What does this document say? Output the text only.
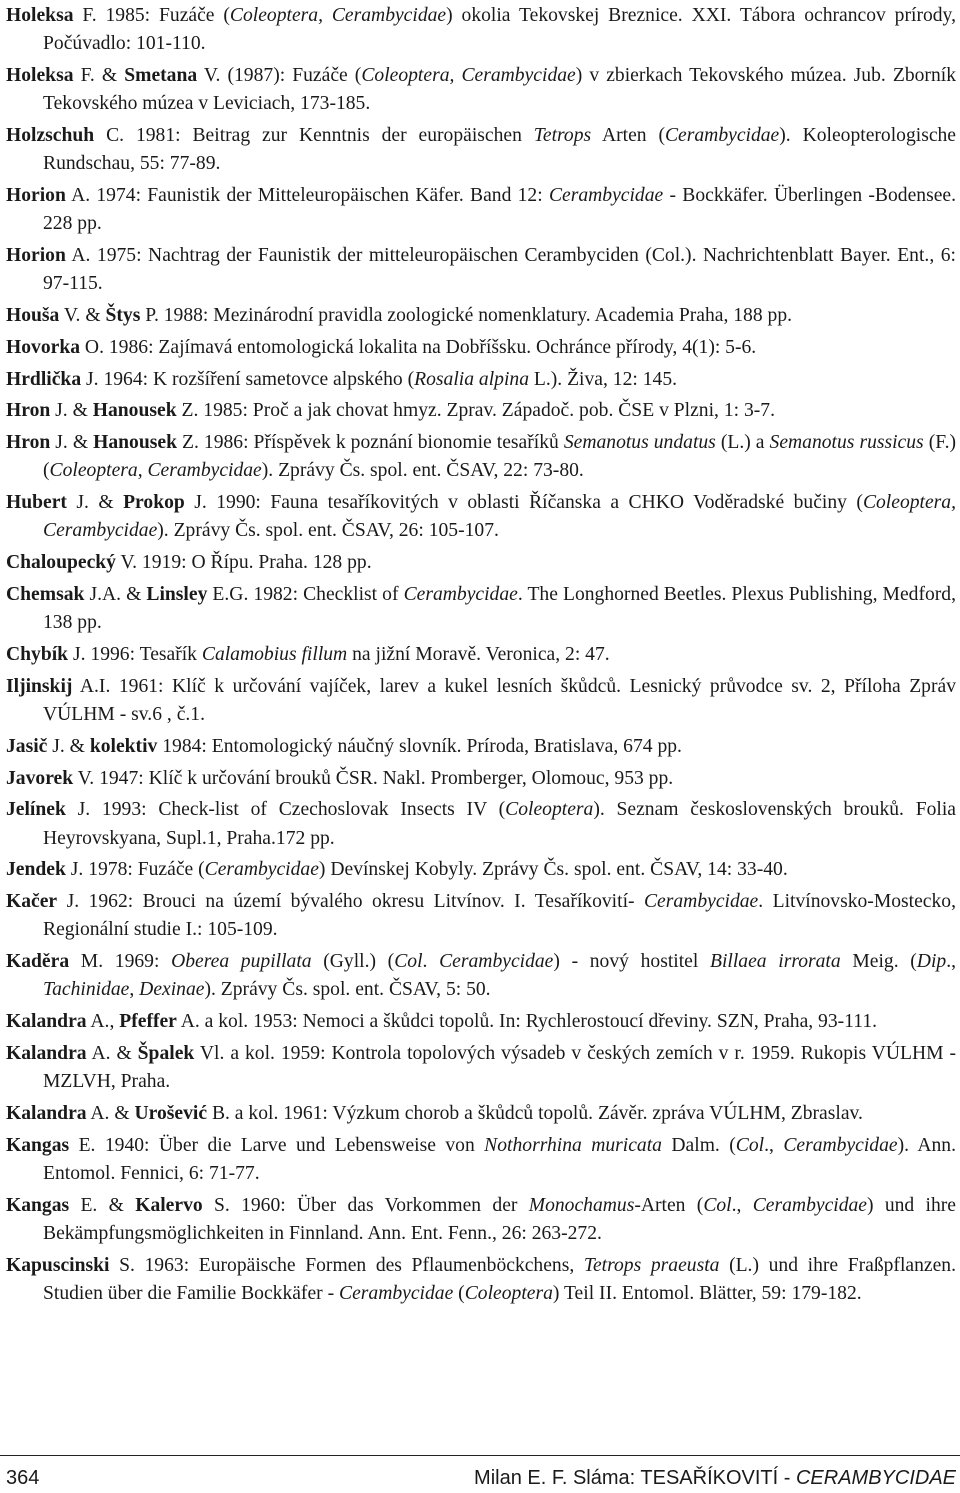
Holeksa F. 1985: Fuzáče (Coleoptera, Cerambycidae) okolia Tekovskej Breznice. XXI. Tábora ochrancov prírody, Počúvadlo: 101-110.

Holeksa F. & Smetana V. (1987): Fuzáče (Coleoptera, Cerambycidae) v zbierkach Tekovského múzea. Jub. Zborník Tekovského múzea v Leviciach, 173-185.

Holzschuh C. 1981: Beitrag zur Kenntnis der europäischen Tetrops Arten (Cerambycidae). Koleopterologische Rundschau, 55: 77-89.

Horion A. 1974: Faunistik der Mitteleuropäischen Käfer. Band 12: Cerambycidae - Bockkäfer. Überlingen -Bodensee. 228 pp.

Horion A. 1975: Nachtrag der Faunistik der mitteleuropäischen Cerambyciden (Col.). Nachrichtenblatt Bayer. Ent., 6: 97-115.

Houša V. & Štys P. 1988: Mezinárodní pravidla zoologické nomenklatury. Academia Praha, 188 pp.

Hovorka O. 1986: Zajímavá entomologická lokalita na Dobříšsku. Ochránce přírody, 4(1): 5-6.

Hrdlička J. 1964: K rozšíření sametovce alpského (Rosalia alpina L.). Živa, 12: 145.

Hron J. & Hanousek Z. 1985: Proč a jak chovat hmyz. Zprav. Západoč. pob. ČSE v Plzni, 1: 3-7.

Hron J. & Hanousek Z. 1986: Příspěvek k poznání bionomie tesaříků Semanotus undatus (L.) a Semanotus russicus (F.) (Coleoptera, Cerambycidae). Zprávy Čs. spol. ent. ČSAV, 22: 73-80.

Hubert J. & Prokop J. 1990: Fauna tesaříkovitých v oblasti Říčanska a CHKO Voděradské bučiny (Coleoptera, Cerambycidae). Zprávy Čs. spol. ent. ČSAV, 26: 105-107.

Chaloupecký V. 1919: O Řípu. Praha. 128 pp.

Chemsak J.A. & Linsley E.G. 1982: Checklist of Cerambycidae. The Longhorned Beetles. Plexus Publishing, Medford, 138 pp.

Chybík J. 1996: Tesařík Calamobius fillum na jižní Moravě. Veronica, 2: 47.

Iljinskij A.I. 1961: Klíč k určování vajíček, larev a kukel lesních škůdců. Lesnický průvodce sv. 2, Příloha Zpráv VÚLHM - sv.6 , č.1.

Jasič J. & kolektiv 1984: Entomologický náučný slovník. Príroda, Bratislava, 674 pp.

Javorek V. 1947: Klíč k určování brouků ČSR. Nakl. Promberger, Olomouc, 953 pp.

Jelínek J. 1993: Check-list of Czechoslovak Insects IV (Coleoptera). Seznam československých brouků. Folia Heyrovskyana, Supl.1, Praha.172 pp.

Jendek J. 1978: Fuzáče (Cerambycidae) Devínskej Kobyly. Zprávy Čs. spol. ent. ČSAV, 14: 33-40.

Kačer J. 1962: Brouci na území bývalého okresu Litvínov. I. Tesaříkovití- Cerambycidae. Litvínovsko-Mostecko, Regionální studie I.: 105-109.

Kaděra M. 1969: Oberea pupillata (Gyll.) (Col. Cerambycidae) - nový hostitel Billaea irrorata Meig. (Dip., Tachinidae, Dexinae). Zprávy Čs. spol. ent. ČSAV, 5: 50.

Kalandra A., Pfeffer A. a kol. 1953: Nemoci a škůdci topolů. In: Rychlerostoucí dřeviny. SZN, Praha, 93-111.

Kalandra A. & Špalek Vl. a kol. 1959: Kontrola topolových výsadeb v českých zemích v r. 1959. Rukopis VÚLHM - MZLVH, Praha.

Kalandra A. & Urošević B. a kol. 1961: Výzkum chorob a škůdců topolů. Závěr. zpráva VÚLHM, Zbraslav.

Kangas E. 1940: Über die Larve und Lebensweise von Nothorrhina muricata Dalm. (Col., Cerambycidae). Ann. Entomol. Fennici, 6: 71-77.

Kangas E. & Kalervo S. 1960: Über das Vorkommen der Monochamus-Arten (Col., Cerambycidae) und ihre Bekämpfungsmöglichkeiten in Finnland. Ann. Ent. Fenn., 26: 263-272.

Kapuscinski S. 1963: Europäische Formen des Pflaumenböckchens, Tetrops praeusta (L.) und ihre Fraßpflanzen. Studien über die Familie Bockkäfer - Cerambycidae (Coleoptera) Teil II. Entomol. Blätter, 59: 179-182.

364	Milan E. F. Sláma: TESAŘÍKOVITÍ - CERAMBYCIDAE
